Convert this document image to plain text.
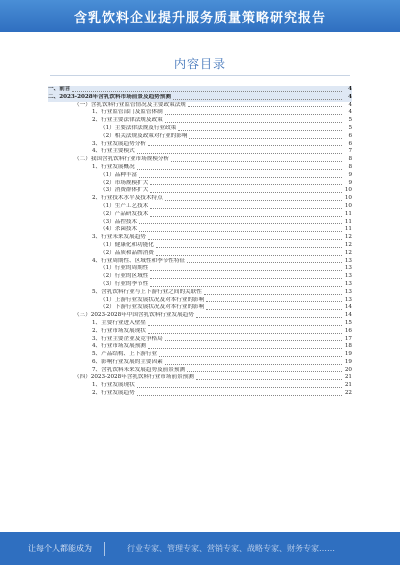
含乳饮料企业提升服务质量策略研究报告
内容目录
一、前言	4
二、2023-2028年含乳饮料市场前景及趋势预测	4
（一）含乳饮料行业监管情况及主要政策法规	4
1、行业监管部门及监管体制	4
2、行业主要法律法规及政策	5
（1）主要法律法规及行业政策	5
（2）相关法规及政策对行业的影响	6
3、行业发展趋势分析	6
4、行业主要模式	7
（二）我国含乳饮料行业市场规模分析	8
1、行业发展概况	8
（1）品种丰富	9
（2）市场规模扩大	9
（3）消费群体扩大	10
2、行业技术水平及技术特点	10
（1）生产工艺技术	10
（2）产品研发技术	11
（3）品控技术	11
（4）杀菌技术	11
3、行业未来发展趋势	12
（1）健康化和功能化	12
（2）品质和品牌消费	12
4、行业周期性、区域性和季节性特征	13
（1）行业的周期性	13
（2）行业的区域性	13
（3）行业的季节性	13
5、含乳饮料行业与上下游行业之间的关联性	13
（1）上游行业发展状况及对本行业的影响	13
（2）下游行业发展状况及对本行业的影响	14
（三）2023-2028年中国含乳饮料行业发展趋势	14
1、主要行业进入壁垒	15
2、行业市场发展现状	16
3、行业主要企业及竞争格局	17
4、行业市场发展预测	18
5、产品结构、上下游行业	19
6、影响行业发展的主要因素	19
7、含乳饮料未来发展趋势及前景预测	20
（四）2023-2028年含乳饮料行业市场前景预测	21
1、行业发展现状	21
2、行业发展趋势	22
让每个人都能成为	行业专家、管理专家、营销专家、战略专家、财务专家……
